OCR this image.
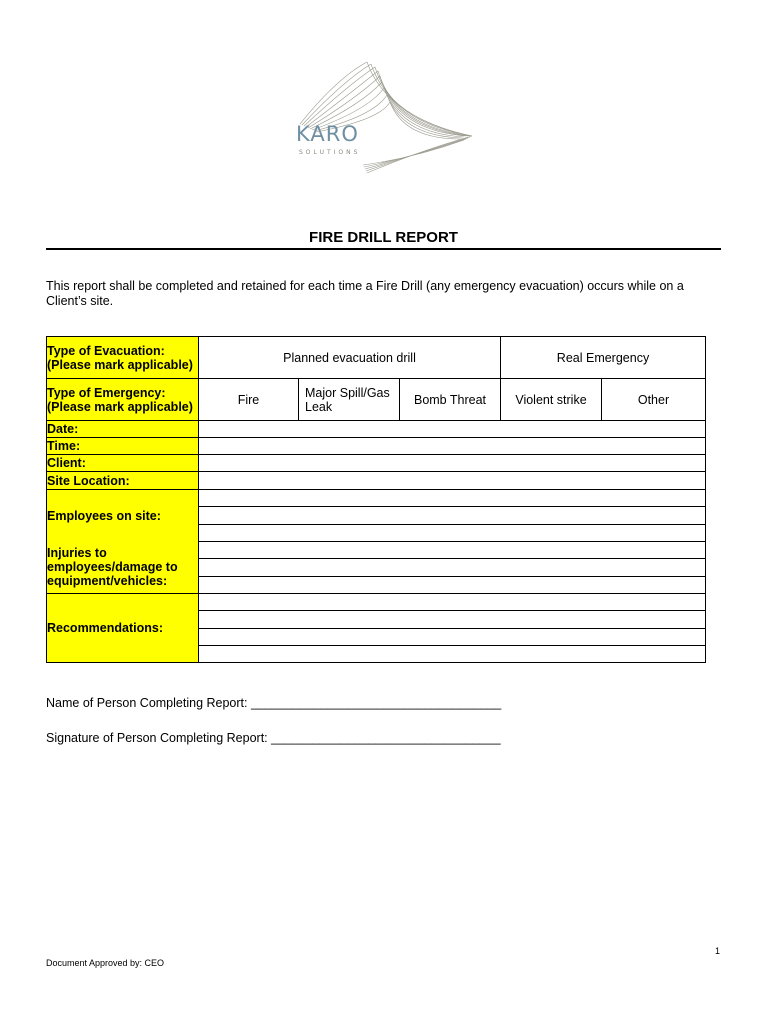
KARO
SOLUTIONS
FIRE DRILL REPORT
This report shall be completed and retained for each time a Fire Drill (any emergency evacuation) occurs while on a Client’s site.
Type of Evacuation: (Please mark applicable)	Planned evacuation drill			Real Emergency	
Type of Emergency: (Please mark applicable)	Fire	Major Spill/Gas Leak	Bomb Threat	Violent strike	Other
Date:					
Time:					
Client:					
Site Location:					
Employees on site:					

Injuries to employees/damage to equipment/vehicles:					

Recommendations:					

Name of Person Completing Report: ____________________________________
Signature of Person Completing Report: _________________________________
1
Document Approved by: CEO
